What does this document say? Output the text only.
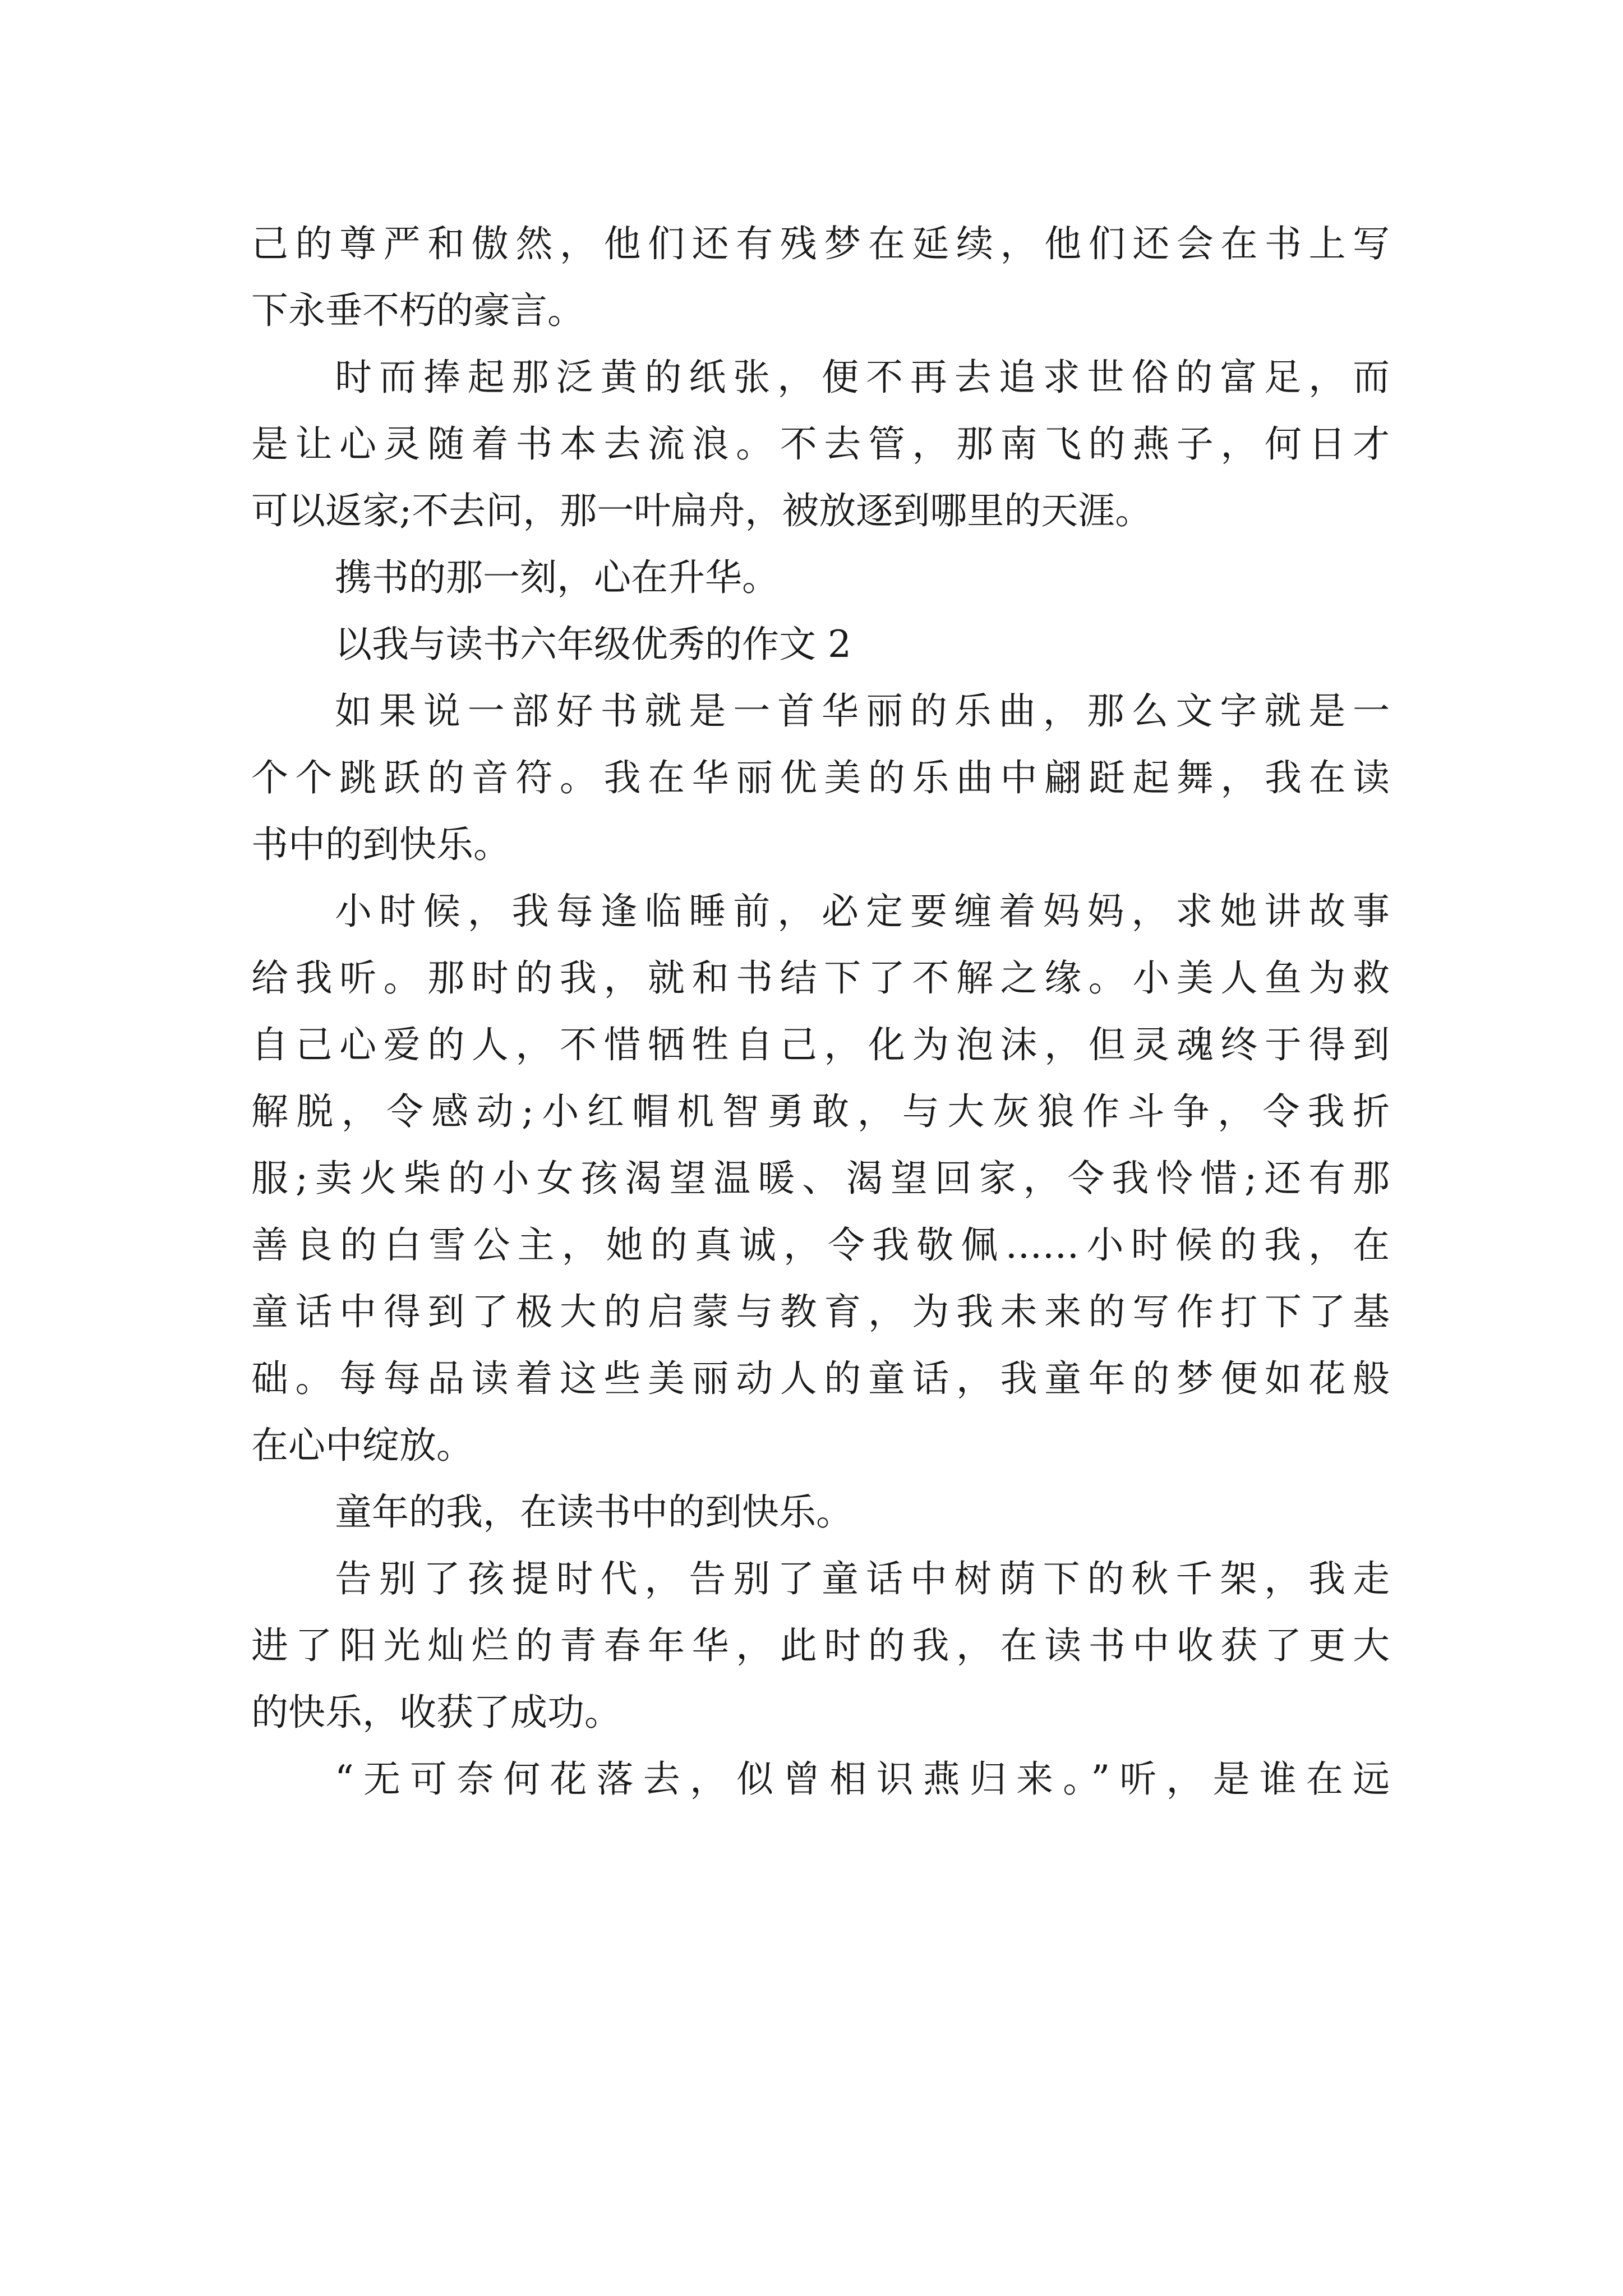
己的尊严和傲然，他们还有残梦在延续，他们还会在书上写
下永垂不朽的豪言。
时而捧起那泛黄的纸张，便不再去追求世俗的富足，而
是让心灵随着书本去流浪。不去管，那南飞的燕子，何日才
可以返家;不去问，那一叶扁舟，被放逐到哪里的天涯。
携书的那一刻，心在升华。
以我与读书六年级优秀的作文 2
如果说一部好书就是一首华丽的乐曲，那么文字就是一
个个跳跃的音符。我在华丽优美的乐曲中翩跹起舞，我在读
书中的到快乐。
小时候，我每逢临睡前，必定要缠着妈妈，求她讲故事
给我听。那时的我，就和书结下了不解之缘。小美人鱼为救
自己心爱的人，不惜牺牲自己，化为泡沫，但灵魂终于得到
解脱，令感动;小红帽机智勇敢，与大灰狼作斗争，令我折
服;卖火柴的小女孩渴望温暖、渴望回家，令我怜惜;还有那
善良的白雪公主，她的真诚，令我敬佩……小时候的我，在
童话中得到了极大的启蒙与教育，为我未来的写作打下了基
础。每每品读着这些美丽动人的童话，我童年的梦便如花般
在心中绽放。
童年的我，在读书中的到快乐。
告别了孩提时代，告别了童话中树荫下的秋千架，我走
进了阳光灿烂的青春年华，此时的我，在读书中收获了更大
的快乐，收获了成功。
“无可奈何花落去，似曾相识燕归来。”听，是谁在远
